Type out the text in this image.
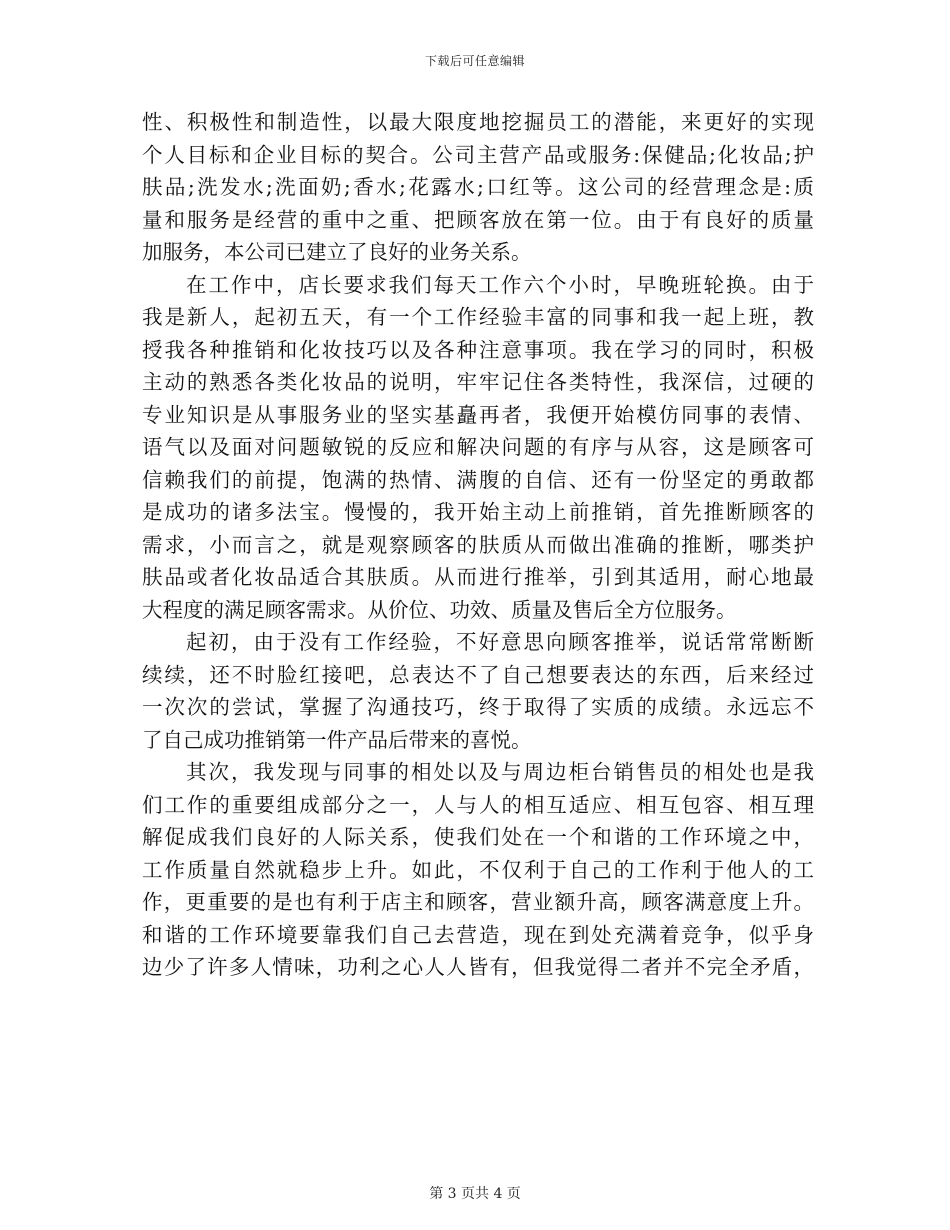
下载后可任意编辑
性、积极性和制造性，以最大限度地挖掘员工的潜能，来更好的实现
个人目标和企业目标的契合。公司主营产品或服务:保健品;化妆品;护
肤品;洗发水;洗面奶;香水;花露水;口红等。这公司的经营理念是:质
量和服务是经营的重中之重、把顾客放在第一位。由于有良好的质量
加服务，本公司已建立了良好的业务关系。
在工作中，店长要求我们每天工作六个小时，早晚班轮换。由于
我是新人，起初五天，有一个工作经验丰富的同事和我一起上班，教
授我各种推销和化妆技巧以及各种注意事项。我在学习的同时，积极
主动的熟悉各类化妆品的说明，牢牢记住各类特性，我深信，过硬的
专业知识是从事服务业的坚实基矗再者，我便开始模仿同事的表情、
语气以及面对问题敏锐的反应和解决问题的有序与从容，这是顾客可
信赖我们的前提，饱满的热情、满腹的自信、还有一份坚定的勇敢都
是成功的诸多法宝。慢慢的，我开始主动上前推销，首先推断顾客的
需求，小而言之，就是观察顾客的肤质从而做出准确的推断，哪类护
肤品或者化妆品适合其肤质。从而进行推举，引到其适用，耐心地最
大程度的满足顾客需求。从价位、功效、质量及售后全方位服务。
起初，由于没有工作经验，不好意思向顾客推举，说话常常断断
续续，还不时脸红接吧，总表达不了自己想要表达的东西，后来经过
一次次的尝试，掌握了沟通技巧，终于取得了实质的成绩。永远忘不
了自己成功推销第一件产品后带来的喜悦。
其次，我发现与同事的相处以及与周边柜台销售员的相处也是我
们工作的重要组成部分之一，人与人的相互适应、相互包容、相互理
解促成我们良好的人际关系，使我们处在一个和谐的工作环境之中，
工作质量自然就稳步上升。如此，不仅利于自己的工作利于他人的工
作，更重要的是也有利于店主和顾客，营业额升高，顾客满意度上升。
和谐的工作环境要靠我们自己去营造，现在到处充满着竞争，似乎身
边少了许多人情味，功利之心人人皆有，但我觉得二者并不完全矛盾，
第 3 页共 4 页
